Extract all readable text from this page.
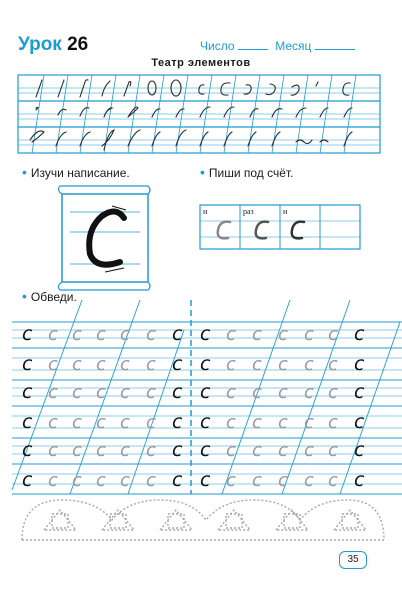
Урок 26	Число	Месяц
Театр элементов
c	c c	c
c	c c	c
c	c c	c
c	c c	c
c	c c	c
c	c c	c
c c c c c	c c c c c
c c c c c	c c c c c
c c c c c	c c c c c
c c c c c	c c c c c
c c c c c	c c c c c
c c c c c	c c c c c
• Изучи написание.	• Пиши под счёт.
• Обведи.
и	раз	и
35
